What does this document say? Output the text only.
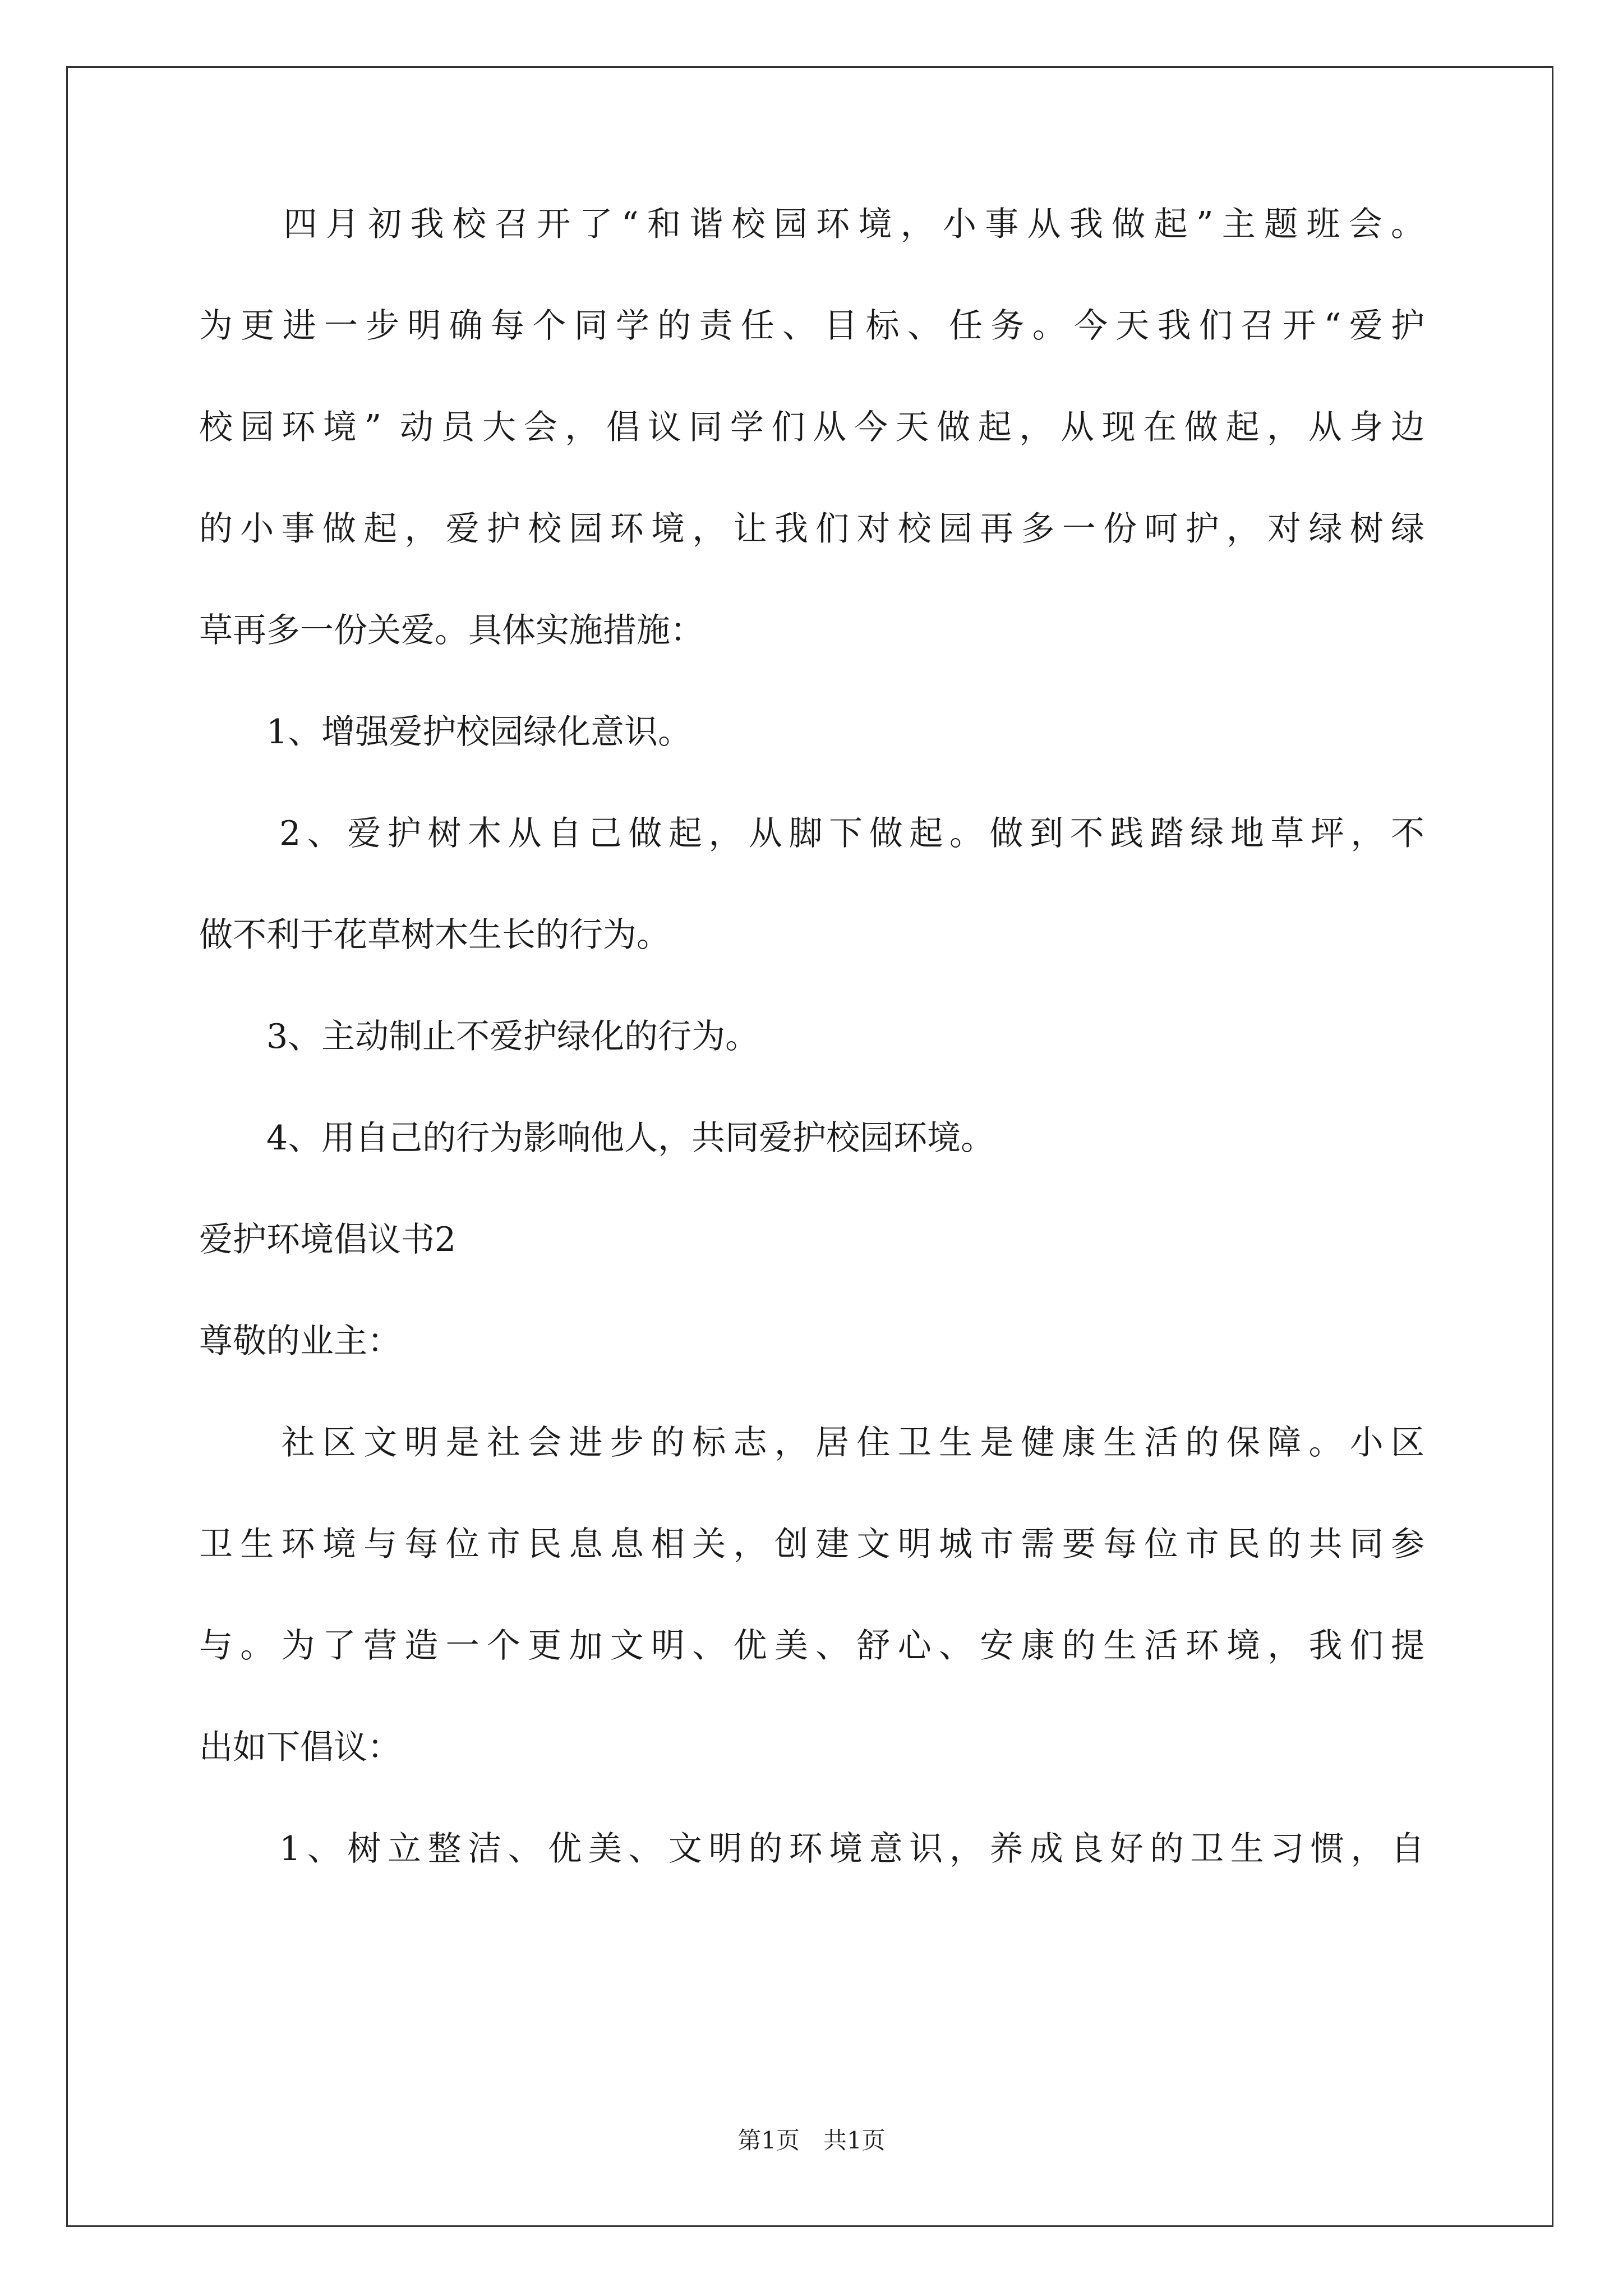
　　四月初我校召开了“和谐校园环境，小事从我做起”主题班会。
为更进一步明确每个同学的责任、目标、任务。今天我们召开“爱护
校园环境” 动员大会，倡议同学们从今天做起，从现在做起，从身边
的小事做起，爱护校园环境，让我们对校园再多一份呵护，对绿树绿
草再多一份关爱。具体实施措施：
　　1、增强爱护校园绿化意识。
　　2、爱护树木从自己做起，从脚下做起。做到不践踏绿地草坪，不
做不利于花草树木生长的行为。
　　3、主动制止不爱护绿化的行为。
　　4、用自己的行为影响他人，共同爱护校园环境。
爱护环境倡议书2
尊敬的业主：
　　社区文明是社会进步的标志，居住卫生是健康生活的保障。小区
卫生环境与每位市民息息相关，创建文明城市需要每位市民的共同参
与。为了营造一个更加文明、优美、舒心、安康的生活环境，我们提
出如下倡议：
　　1、树立整洁、优美、文明的环境意识，养成良好的卫生习惯，自
第1页　共1页
